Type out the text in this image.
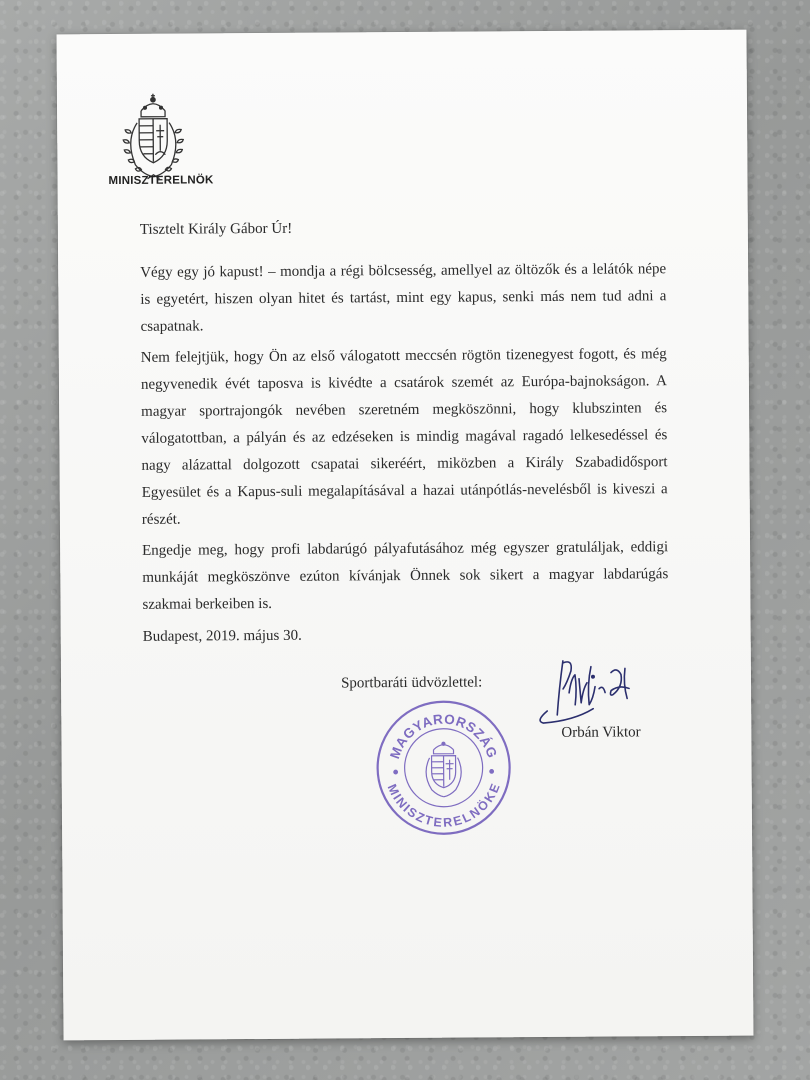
MINISZTERELNÖK
Tisztelt Király Gábor Úr!
Végy egy jó kapust! – mondja a régi bölcsesség, amellyel az öltözők és a lelátók népe is egyetért, hiszen olyan hitet és tartást, mint egy kapus, senki más nem tud adni a csapatnak.
Nem felejtjük, hogy Ön az első válogatott meccsén rögtön tizenegyest fogott, és még negyvenedik évét taposva is kivédte a csatárok szemét az Európa-bajnokságon. A magyar sportrajongók nevében szeretném megköszönni, hogy klubszinten és válogatottban, a pályán és az edzéseken is mindig magával ragadó lelkesedéssel és nagy alázattal dolgozott csapatai sikeréért, miközben a Király Szabadidősport Egyesület és a Kapus-suli megalapításával a hazai utánpótlás-nevelésből is kiveszi a részét.
Engedje meg, hogy profi labdarúgó pályafutásához még egyszer gratuláljak, eddigi munkáját megköszönve ezúton kívánjak Önnek sok sikert a magyar labdarúgás szakmai berkeiben is.
Budapest, 2019. május 30.
Sportbaráti üdvözlettel:
Orbán Viktor
MAGYARORSZÁG
MINISZTERELNÖKE
